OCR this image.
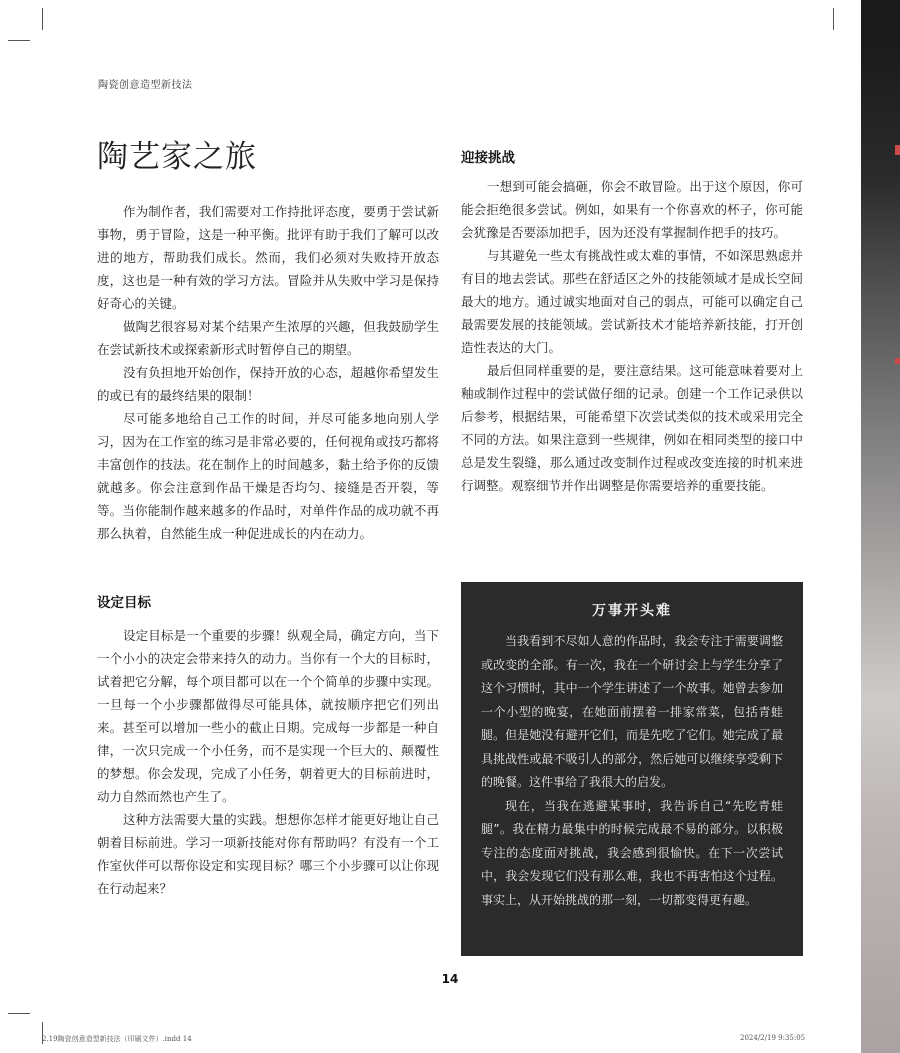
陶瓷创意造型新技法
陶艺家之旅

作为制作者，我们需要对工作持批评态度，要勇于尝试新事物，勇于冒险，这是一种平衡。批评有助于我们了解可以改进的地方，帮助我们成长。然而，我们必须对失败持开放态度，这也是一种有效的学习方法。冒险并从失败中学习是保持好奇心的关键。

做陶艺很容易对某个结果产生浓厚的兴趣，但我鼓励学生在尝试新技术或探索新形式时暂停自己的期望。

没有负担地开始创作，保持开放的心态，超越你希望发生的或已有的最终结果的限制！

尽可能多地给自己工作的时间，并尽可能多地向别人学习，因为在工作室的练习是非常必要的，任何视角或技巧都将丰富创作的技法。花在制作上的时间越多，黏土给予你的反馈就越多。你会注意到作品干燥是否均匀、接缝是否开裂，等等。当你能制作越来越多的作品时，对单件作品的成功就不再那么执着，自然能生成一种促进成长的内在动力。

迎接挑战

一想到可能会搞砸，你会不敢冒险。出于这个原因，你可能会拒绝很多尝试。例如，如果有一个你喜欢的杯子，你可能会犹豫是否要添加把手，因为还没有掌握制作把手的技巧。

与其避免一些太有挑战性或太难的事情，不如深思熟虑并有目的地去尝试。那些在舒适区之外的技能领域才是成长空间最大的地方。通过诚实地面对自己的弱点，可能可以确定自己最需要发展的技能领域。尝试新技术才能培养新技能，打开创造性表达的大门。

最后但同样重要的是，要注意结果。这可能意味着要对上釉或制作过程中的尝试做仔细的记录。创建一个工作记录供以后参考，根据结果，可能希望下次尝试类似的技术或采用完全不同的方法。如果注意到一些规律，例如在相同类型的接口中总是发生裂缝，那么通过改变制作过程或改变连接的时机来进行调整。观察细节并作出调整是你需要培养的重要技能。

设定目标

设定目标是一个重要的步骤！纵观全局，确定方向，当下一个小小的决定会带来持久的动力。当你有一个大的目标时，试着把它分解，每个项目都可以在一个个简单的步骤中实现。一旦每一个小步骤都做得尽可能具体，就按顺序把它们列出来。甚至可以增加一些小的截止日期。完成每一步都是一种自律，一次只完成一个小任务，而不是实现一个巨大的、颠覆性的梦想。你会发现，完成了小任务，朝着更大的目标前进时，动力自然而然也产生了。

这种方法需要大量的实践。想想你怎样才能更好地让自己朝着目标前进。学习一项新技能对你有帮助吗？有没有一个工作室伙伴可以帮你设定和实现目标？哪三个小步骤可以让你现在行动起来？

万事开头难

当我看到不尽如人意的作品时，我会专注于需要调整或改变的全部。有一次，我在一个研讨会上与学生分享了这个习惯时，其中一个学生讲述了一个故事。她曾去参加一个小型的晚宴，在她面前摆着一排家常菜，包括青蛙腿。但是她没有避开它们，而是先吃了它们。她完成了最具挑战性或最不吸引人的部分，然后她可以继续享受剩下的晚餐。这件事给了我很大的启发。

现在，当我在逃避某事时，我告诉自己“先吃青蛙腿”。我在精力最集中的时候完成最不易的部分。以积极专注的态度面对挑战，我会感到很愉快。在下一次尝试中，我会发现它们没有那么难，我也不再害怕这个过程。事实上，从开始挑战的那一刻，一切都变得更有趣。

14
2.19陶瓷创意造型新技法（印刷文件）.indd 14	2024/2/19 9:35:05
